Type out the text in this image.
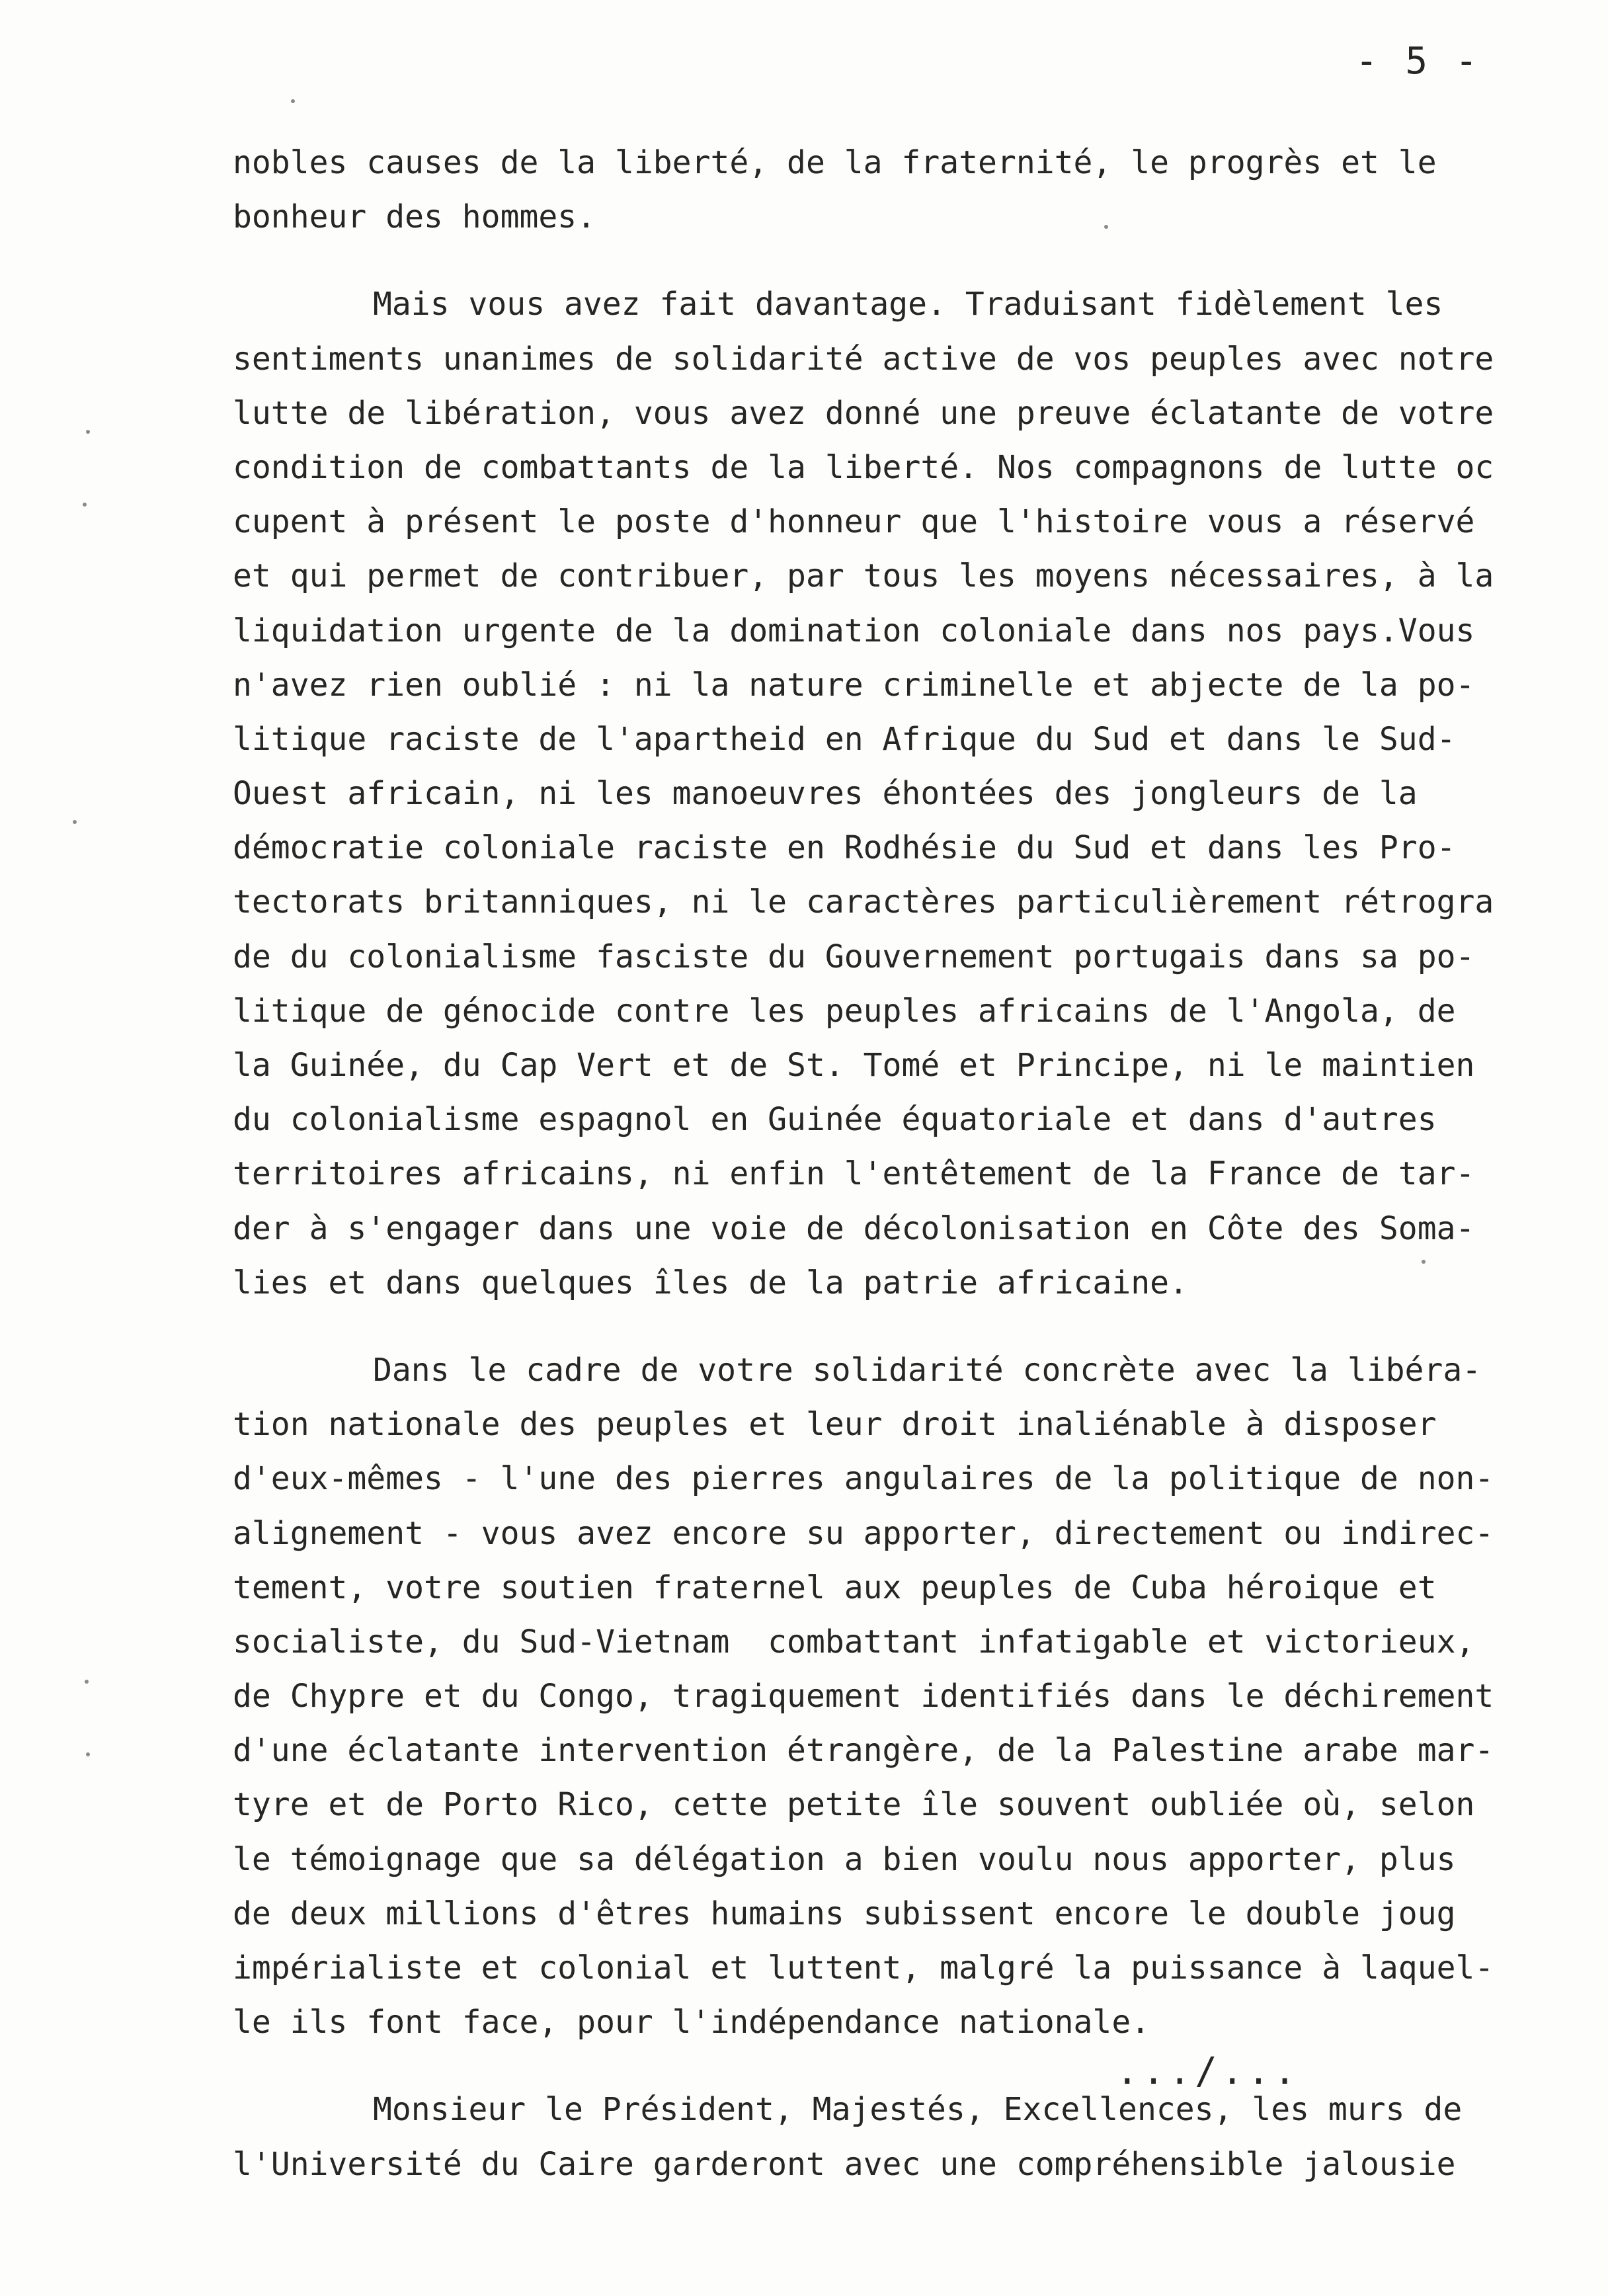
- 5 -
nobles causes de la liberté, de la fraternité, le progrès et le
bonheur des hommes.
Mais vous avez fait davantage. Traduisant fidèlement les
sentiments unanimes de solidarité active de vos peuples avec notre
lutte de libération, vous avez donné une preuve éclatante de votre
condition de combattants de la liberté. Nos compagnons de lutte oc
cupent à présent le poste d'honneur que l'histoire vous a réservé
et qui permet de contribuer, par tous les moyens nécessaires, à la
liquidation urgente de la domination coloniale dans nos pays.Vous
n'avez rien oublié : ni la nature criminelle et abjecte de la po-
litique raciste de l'apartheid en Afrique du Sud et dans le Sud-
Ouest africain, ni les manoeuvres éhontées des jongleurs de la
démocratie coloniale raciste en Rodhésie du Sud et dans les Pro-
tectorats britanniques, ni le caractères particulièrement rétrogra
de du colonialisme fasciste du Gouvernement portugais dans sa po-
litique de génocide contre les peuples africains de l'Angola, de
la Guinée, du Cap Vert et de St. Tomé et Principe, ni le maintien
du colonialisme espagnol en Guinée équatoriale et dans d'autres
territoires africains, ni enfin l'entêtement de la France de tar-
der à s'engager dans une voie de décolonisation en Côte des Soma-
lies et dans quelques îles de la patrie africaine.
Dans le cadre de votre solidarité concrète avec la libéra-
tion nationale des peuples et leur droit inaliénable à disposer
d'eux-mêmes - l'une des pierres angulaires de la politique de non-
alignement - vous avez encore su apporter, directement ou indirec-
tement, votre soutien fraternel aux peuples de Cuba héroique et
socialiste, du Sud-Vietnam  combattant infatigable et victorieux,
de Chypre et du Congo, tragiquement identifiés dans le déchirement
d'une éclatante intervention étrangère, de la Palestine arabe mar-
tyre et de Porto Rico, cette petite île souvent oubliée où, selon
le témoignage que sa délégation a bien voulu nous apporter, plus
de deux millions d'êtres humains subissent encore le double joug
impérialiste et colonial et luttent, malgré la puissance à laquel-
le ils font face, pour l'indépendance nationale.
Monsieur le Président, Majestés, Excellences, les murs de
l'Université du Caire garderont avec une compréhensible jalousie
.../...
